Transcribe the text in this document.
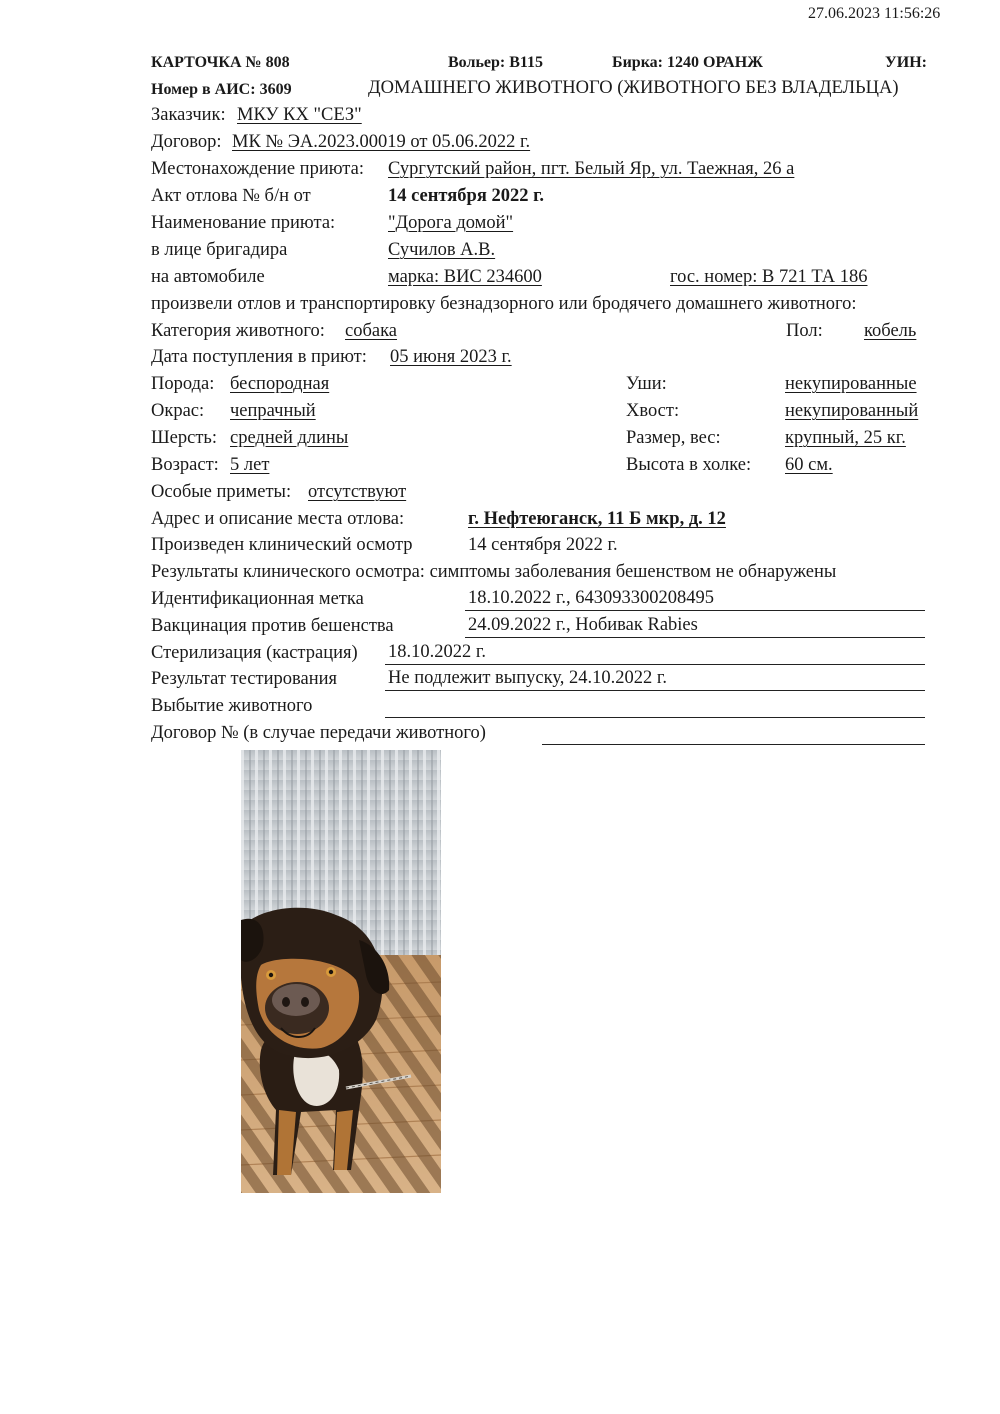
27.06.2023 11:56:26
КАРТОЧКА № 808	Вольер: В115	Бирка: 1240 ОРАНЖ	УИН:
Номер в АИС: 3609	ДОМАШНЕГО ЖИВОТНОГО (ЖИВОТНОГО БЕЗ ВЛАДЕЛЬЦА)
Заказчик: МКУ КХ "СЕЗ"
Договор: МК № ЭА.2023.00019 от 05.06.2022 г.
Местонахождение приюта: Сургутский район, пгт. Белый Яр, ул. Таежная, 26 а
Акт отлова № б/н от	14 сентября 2022 г.
Наименование приюта:	"Дорога домой"
в лице бригадира	Сучилов А.В.
на автомобиле	марка: ВИС 234600	гос. номер: В 721 ТА 186
произвели отлов и транспортировку безнадзорного или бродячего домашнего животного:
Категория животного: собака	Пол: кобель
Дата поступления в приют: 05 июня 2023 г.
Порода: беспородная	Уши:	некупированные
Окрас: чепрачный	Хвост:	некупированный
Шерсть: средней длины	Размер, вес:	крупный, 25 кг.
Возраст: 5 лет	Высота в холке: 60 см.
Особые приметы: отсутствуют
Адрес и описание места отлова:	г. Нефтеюганск, 11 Б мкр, д. 12
Произведен клинический осмотр	14 сентября 2022 г.
Результаты клинического осмотра: симптомы заболевания бешенством не обнаружены
Идентификационная метка	18.10.2022 г., 643093300208495
Вакцинация против бешенства	24.09.2022 г., Нобивак Rabies
Стерилизация (кастрация) 18.10.2022 г.
Результат тестирования	Не подлежит выпуску, 24.10.2022 г.
Выбытие животного
Договор № (в случае передачи животного)
